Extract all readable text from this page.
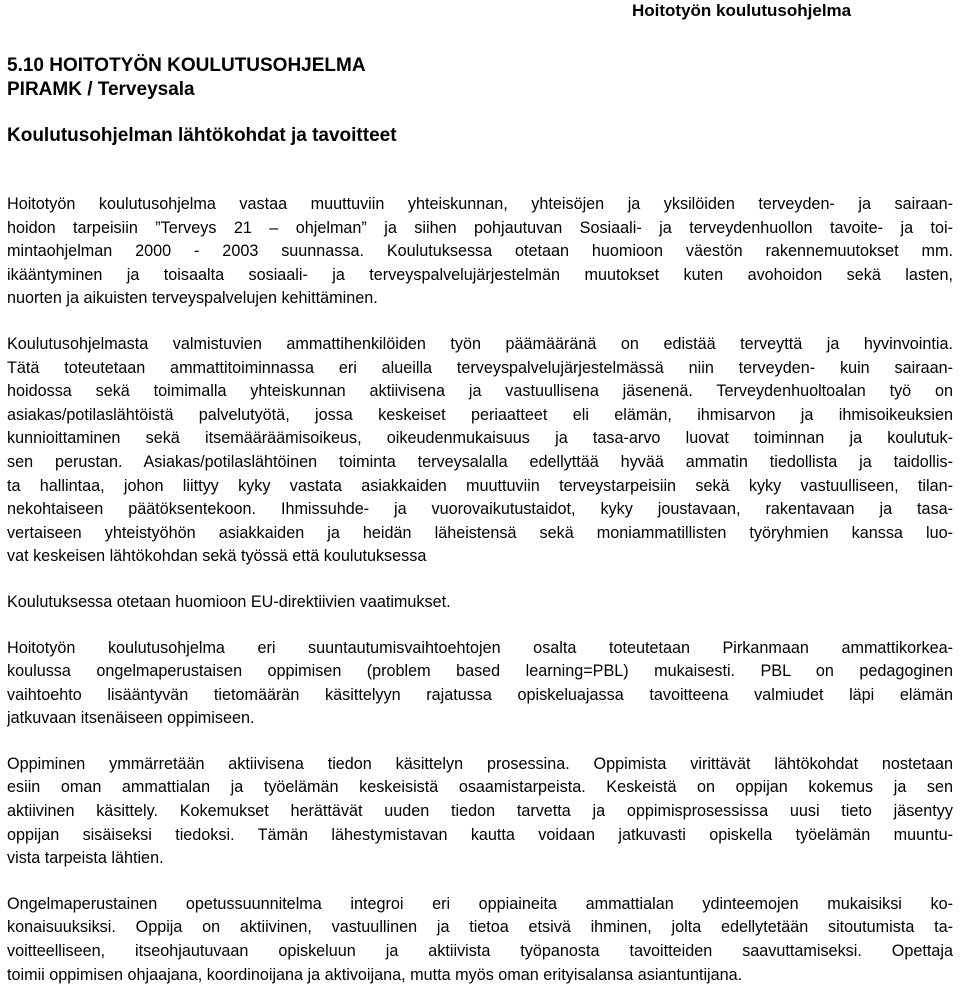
Hoitotyön koulutusohjelma
5.10 HOITOTYÖN KOULUTUSOHJELMA
PIRAMK / Terveysala
Koulutusohjelman lähtökohdat ja tavoitteet
Hoitotyön koulutusohjelma vastaa muuttuviin yhteiskunnan, yhteisöjen ja yksilöiden terveyden- ja sairaan-
hoidon tarpeisiin ”Terveys 21 – ohjelman” ja siihen pohjautuvan Sosiaali- ja terveydenhuollon tavoite- ja toi-
mintaohjelman 2000 - 2003 suunnassa. Koulutuksessa otetaan huomioon väestön rakennemuutokset mm.
ikääntyminen ja toisaalta sosiaali- ja terveyspalvelujärjestelmän muutokset kuten avohoidon sekä lasten,
nuorten ja aikuisten terveyspalvelujen kehittäminen.
Koulutusohjelmasta valmistuvien ammattihenkilöiden työn päämääränä on edistää terveyttä ja hyvinvointia.
Tätä toteutetaan ammattitoiminnassa eri alueilla terveyspalvelujärjestelmässä niin terveyden- kuin sairaan-
hoidossa sekä toimimalla yhteiskunnan aktiivisena ja vastuullisena jäsenenä. Terveydenhuoltoalan työ on
asiakas/potilaslähtöistä palvelutyötä, jossa keskeiset periaatteet eli elämän, ihmisarvon ja ihmisoikeuksien
kunnioittaminen sekä itsemääräämisoikeus, oikeudenmukaisuus ja tasa-arvo luovat toiminnan ja koulutuk-
sen perustan. Asiakas/potilaslähtöinen toiminta terveysalalla edellyttää hyvää ammatin tiedollista ja taidollis-
ta hallintaa, johon liittyy kyky vastata asiakkaiden muuttuviin terveystarpeisiin sekä kyky vastuulliseen, tilan-
nekohtaiseen päätöksentekoon. Ihmissuhde- ja vuorovaikutustaidot, kyky joustavaan, rakentavaan ja tasa-
vertaiseen yhteistyöhön asiakkaiden ja heidän läheistensä sekä moniammatillisten työryhmien kanssa luo-
vat keskeisen lähtökohdan sekä työssä että koulutuksessa
Koulutuksessa otetaan huomioon EU-direktiivien vaatimukset.
Hoitotyön koulutusohjelma eri suuntautumisvaihtoehtojen osalta toteutetaan Pirkanmaan ammattikorkea-
koulussa ongelmaperustaisen oppimisen (problem based learning=PBL) mukaisesti. PBL on pedagoginen
vaihtoehto lisääntyvän tietomäärän käsittelyyn rajatussa opiskeluajassa tavoitteena valmiudet läpi elämän
jatkuvaan itsenäiseen oppimiseen.
Oppiminen ymmärretään aktiivisena tiedon käsittelyn prosessina. Oppimista virittävät lähtökohdat nostetaan
esiin oman ammattialan ja työelämän keskeisistä osaamistarpeista. Keskeistä on oppijan kokemus ja sen
aktiivinen käsittely. Kokemukset herättävät uuden tiedon tarvetta ja oppimisprosessissa uusi tieto jäsentyy
oppijan sisäiseksi tiedoksi. Tämän lähestymistavan kautta voidaan jatkuvasti opiskella työelämän muuntu-
vista tarpeista lähtien.
Ongelmaperustainen opetussuunnitelma integroi eri oppiaineita ammattialan ydinteemojen mukaisiksi ko-
konaisuuksiksi. Oppija on aktiivinen, vastuullinen ja tietoa etsivä ihminen, jolta edellytetään sitoutumista ta-
voitteelliseen, itseohjautuvaan opiskeluun ja aktiivista työpanosta tavoitteiden saavuttamiseksi. Opettaja
toimii oppimisen ohjaajana, koordinoijana ja aktivoijana, mutta myös oman erityisalansa asiantuntijana.
